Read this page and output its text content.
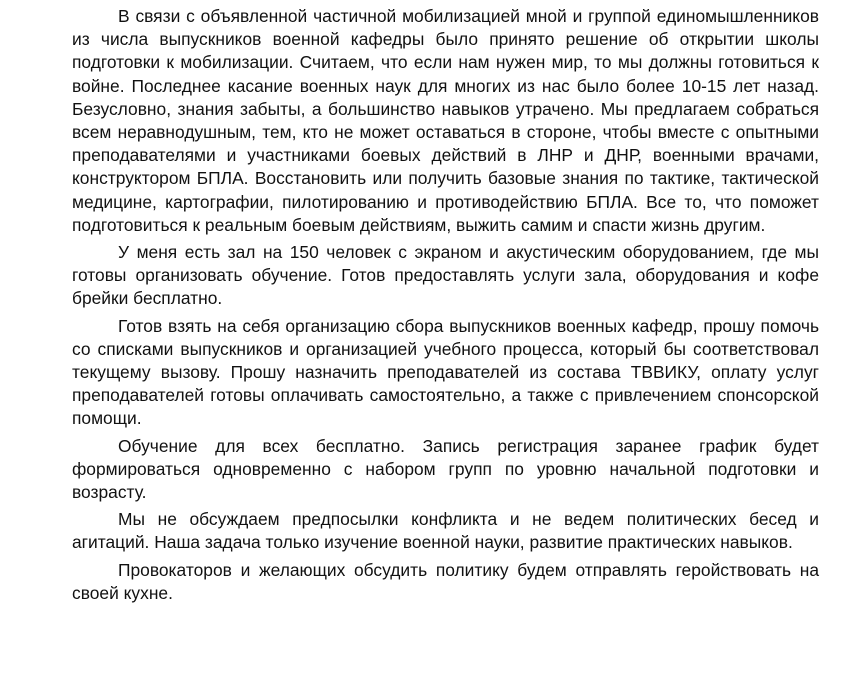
В связи с объявленной частичной мобилизацией мной и группой единомышленников из числа выпускников военной кафедры было принято решение об открытии школы подготовки к мобилизации. Считаем, что если нам нужен мир, то мы должны готовиться к войне. Последнее касание военных наук для многих из нас было более 10-15 лет назад. Безусловно, знания забыты, а большинство навыков утрачено. Мы предлагаем собраться всем неравнодушным, тем, кто не может оставаться в стороне, чтобы вместе с опытными преподавателями и участниками боевых действий в ЛНР и ДНР, военными врачами, конструктором БПЛА. Восстановить или получить базовые знания по тактике, тактической медицине, картографии, пилотированию и противодействию БПЛА. Все то, что поможет подготовиться к реальным боевым действиям, выжить самим и спасти жизнь другим.

У меня есть зал на 150 человек с экраном и акустическим оборудованием, где мы готовы организовать обучение. Готов предоставлять услуги зала, оборудования и кофе брейки бесплатно.

Готов взять на себя организацию сбора выпускников военных кафедр, прошу помочь со списками выпускников и организацией учебного процесса, который бы соответствовал текущему вызову. Прошу назначить преподавателей из состава ТВВИКУ, оплату услуг преподавателей готовы оплачивать самостоятельно, а также с привлечением спонсорской помощи.

Обучение для всех бесплатно. Запись регистрация заранее график будет формироваться одновременно с набором групп по уровню начальной подготовки и возрасту.

Мы не обсуждаем предпосылки конфликта и не ведем политических бесед и агитаций. Наша задача только изучение военной науки, развитие практических навыков.

Провокаторов и желающих обсудить политику будем отправлять геройствовать на своей кухне.
